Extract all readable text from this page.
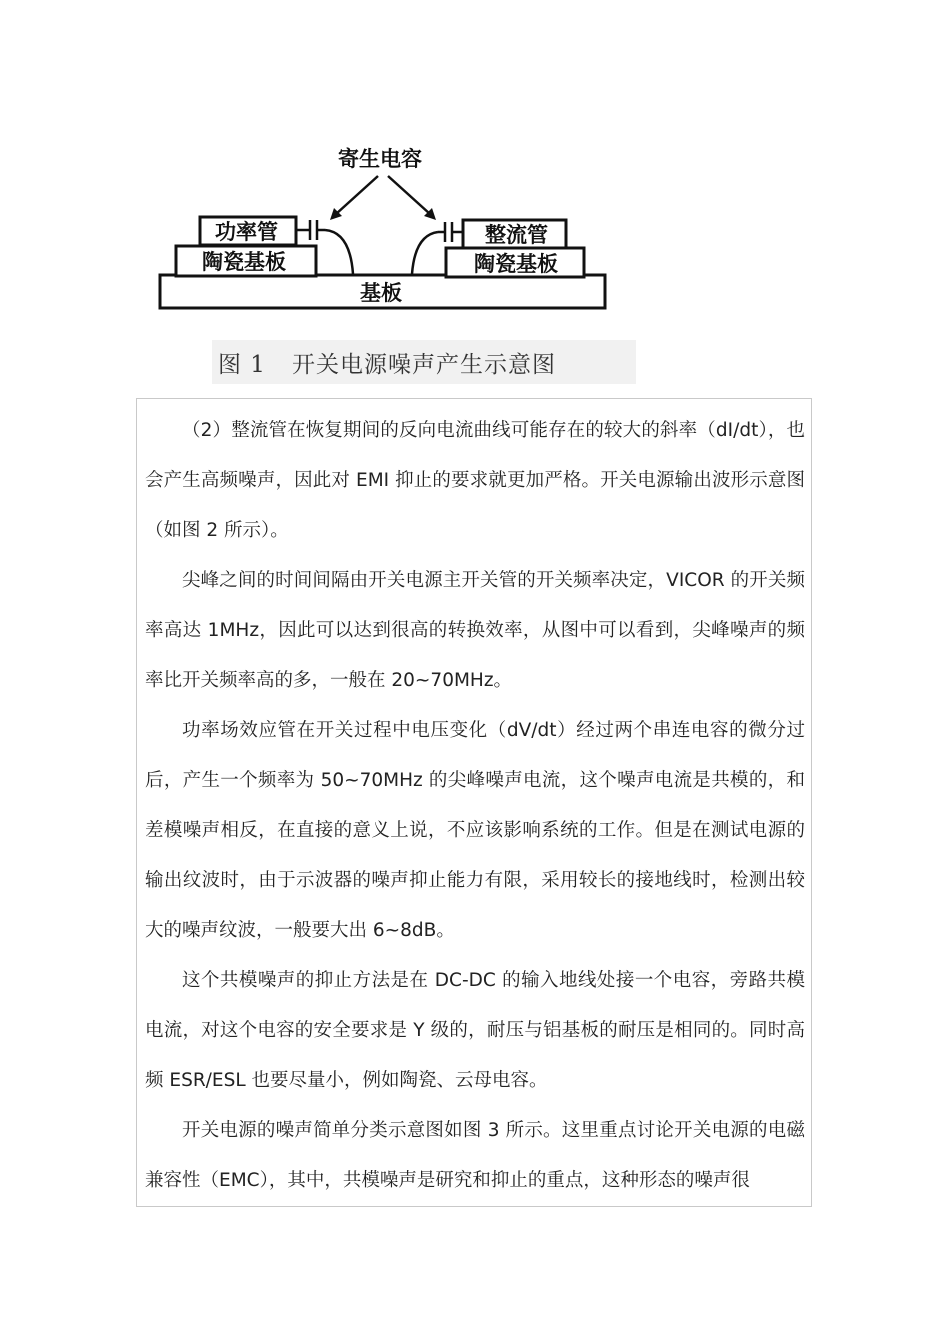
基板
陶瓷基板
功率管
陶瓷基板
整流管
寄生电容
图 1 开关电源噪声产生示意图

（2）整流管在恢复期间的反向电流曲线可能存在的较大的斜率（dI/dt），也会产生高频噪声，因此对 EMI 抑止的要求就更加严格。开关电源输出波形示意图（如图 2 所示）。

尖峰之间的时间间隔由开关电源主开关管的开关频率决定，VICOR 的开关频率高达 1MHz，因此可以达到很高的转换效率，从图中可以看到，尖峰噪声的频率比开关频率高的多，一般在 20~70MHz。

功率场效应管在开关过程中电压变化（dV/dt）经过两个串连电容的微分过后，产生一个频率为 50~70MHz 的尖峰噪声电流，这个噪声电流是共模的，和差模噪声相反，在直接的意义上说，不应该影响系统的工作。但是在测试电源的输出纹波时，由于示波器的噪声抑止能力有限，采用较长的接地线时，检测出较大的噪声纹波，一般要大出 6~8dB。

这个共模噪声的抑止方法是在 DC-DC 的输入地线处接一个电容，旁路共模电流，对这个电容的安全要求是 Y 级的，耐压与铝基板的耐压是相同的。同时高频 ESR/ESL 也要尽量小，例如陶瓷、云母电容。

开关电源的噪声简单分类示意图如图 3 所示。这里重点讨论开关电源的电磁兼容性（EMC），其中，共模噪声是研究和抑止的重点，这种形态的噪声很
